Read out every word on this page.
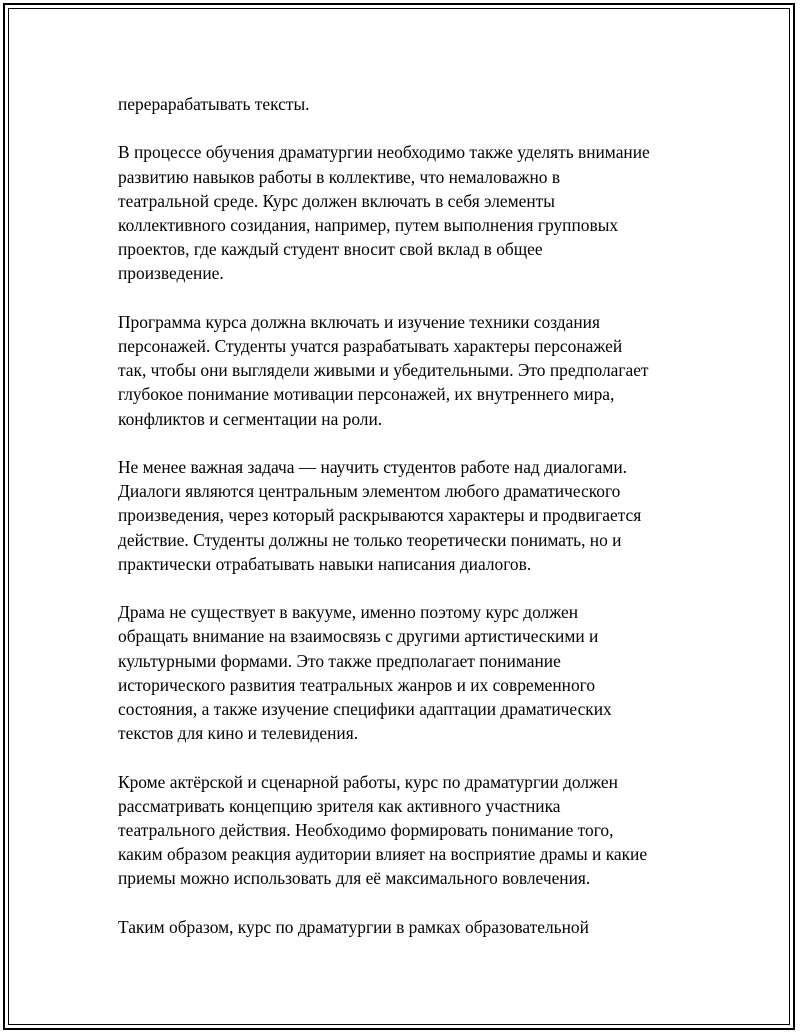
перерарабатывать тексты.

В процессе обучения драматургии необходимо также уделять внимание
развитию навыков работы в коллективе, что немаловажно в
театральной среде. Курс должен включать в себя элементы
коллективного созидания, например, путем выполнения групповых
проектов, где каждый студент вносит свой вклад в общее
произведение.

Программа курса должна включать и изучение техники создания
персонажей. Студенты учатся разрабатывать характеры персонажей
так, чтобы они выглядели живыми и убедительными. Это предполагает
глубокое понимание мотивации персонажей, их внутреннего мира,
конфликтов и сегментации на роли.

Не менее важная задача — научить студентов работе над диалогами.
Диалоги являются центральным элементом любого драматического
произведения, через который раскрываются характеры и продвигается
действие. Студенты должны не только теоретически понимать, но и
практически отрабатывать навыки написания диалогов.

Драма не существует в вакууме, именно поэтому курс должен
обращать внимание на взаимосвязь с другими артистическими и
культурными формами. Это также предполагает понимание
исторического развития театральных жанров и их современного
состояния, а также изучение специфики адаптации драматических
текстов для кино и телевидения.

Кроме актёрской и сценарной работы, курс по драматургии должен
рассматривать концепцию зрителя как активного участника
театрального действия. Необходимо формировать понимание того,
каким образом реакция аудитории влияет на восприятие драмы и какие
приемы можно использовать для её максимального вовлечения.

Таким образом, курс по драматургии в рамках образовательной
